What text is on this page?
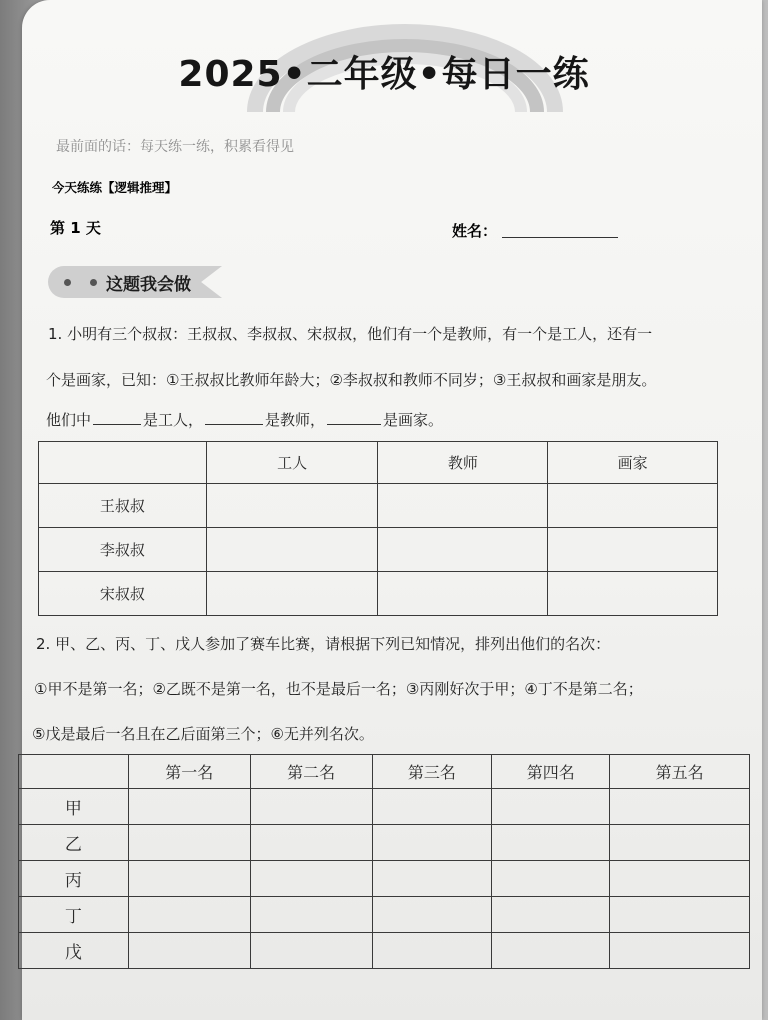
2025•二年级•每日一练
最前面的话：每天练一练，积累看得见
今天练练【逻辑推理】
第 1 天	姓名：
这题我会做
1. 小明有三个叔叔：王叔叔、李叔叔、宋叔叔，他们有一个是教师，有一个是工人，还有一
个是画家，已知：①王叔叔比教师年龄大；②李叔叔和教师不同岁；③王叔叔和画家是朋友。
他们中	是工人，	是教师，	是画家。
	工人	教师	画家
王叔叔			
李叔叔			
宋叔叔			
2. 甲、乙、丙、丁、戊人参加了赛车比赛，请根据下列已知情况，排列出他们的名次：
①甲不是第一名；②乙既不是第一名，也不是最后一名；③丙刚好次于甲；④丁不是第二名；
⑤戊是最后一名且在乙后面第三个；⑥无并列名次。
	第一名	第二名	第三名	第四名	第五名
甲					
乙					
丙					
丁					
戊					
